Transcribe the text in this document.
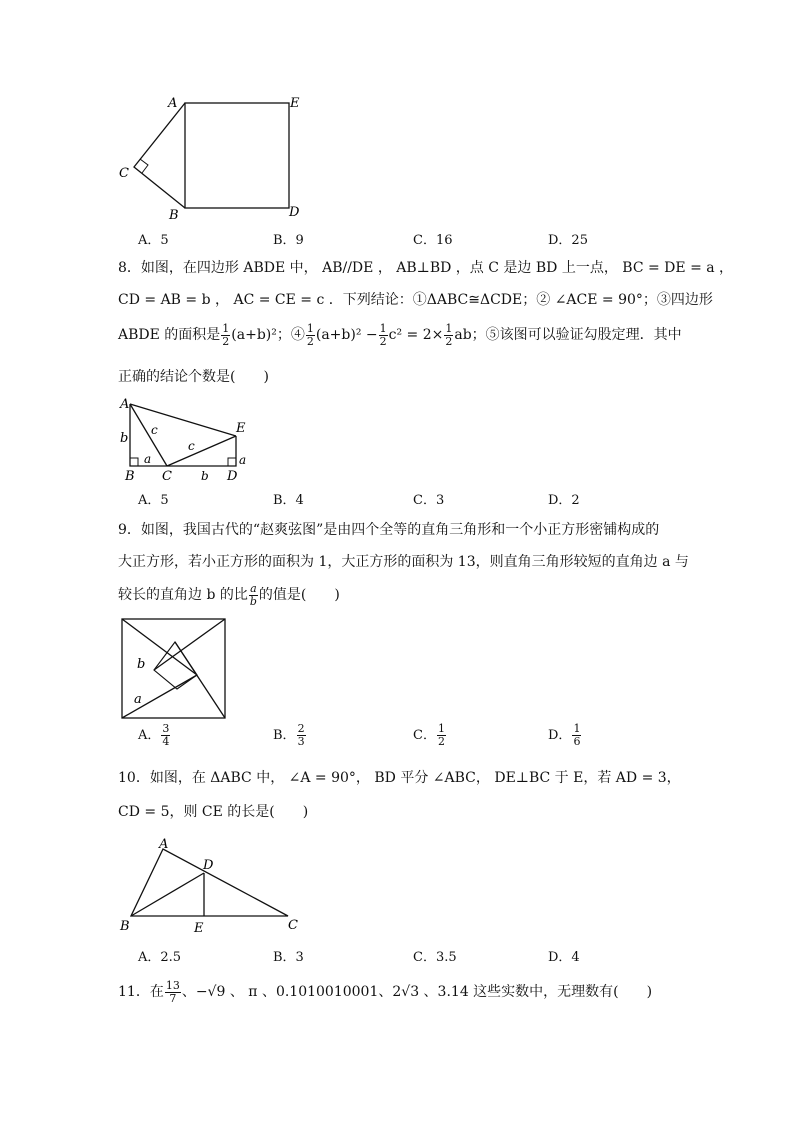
A	E
C
B	D
A．5	B．9	C．16	D．25
8．如图，在四边形 ABDE 中， AB//DE ， AB⊥BD ，点 C 是边 BD 上一点， BC = DE = a ，
CD = AB = b ， AC = CE = c ．下列结论：①ΔABC≅ΔCDE；② ∠ACE = 90°；③四边形
ABDE 的面积是 $\frac{1}{2} (a+b)^2$；④ $\frac{1}{2} (a+b)^2 - \frac{1}{2} c^2 = 2\times \frac{1}{2}$ ab；⑤该图可以验证勾股定理．其中
正确的结论个数是(　　)
A
b
c
c
E
a	a
B C b D
A．5	B．4	C．3	D．2
9．如图，我国古代的“赵爽弦图”是由四个全等的直角三角形和一个小正方形密铺构成的
大正方形，若小正方形的面积为 1，大正方形的面积为 13，则直角三角形较短的直角边 a 与
较长的直角边 b 的比 $\frac{a}{b}$ 的值是(　　)
b
a
A． $\frac{3}{4}$	B． $\frac{2}{3}$	C． $\frac{1}{2}$	D． $\frac{1}{6}$
10．如图，在 ΔABC 中， ∠A = 90°， BD 平分 ∠ABC， DE⊥BC 于 E，若 AD = 3，
CD = 5，则 CE 的长是(　　)
A
D
B	E	C
A．2.5	B．3	C．3.5	D．4
11．在 $\frac{13}{7}$ 、−√9 、 π 、0.1010010001、2√3 、3.14 这些实数中，无理数有(　　)
